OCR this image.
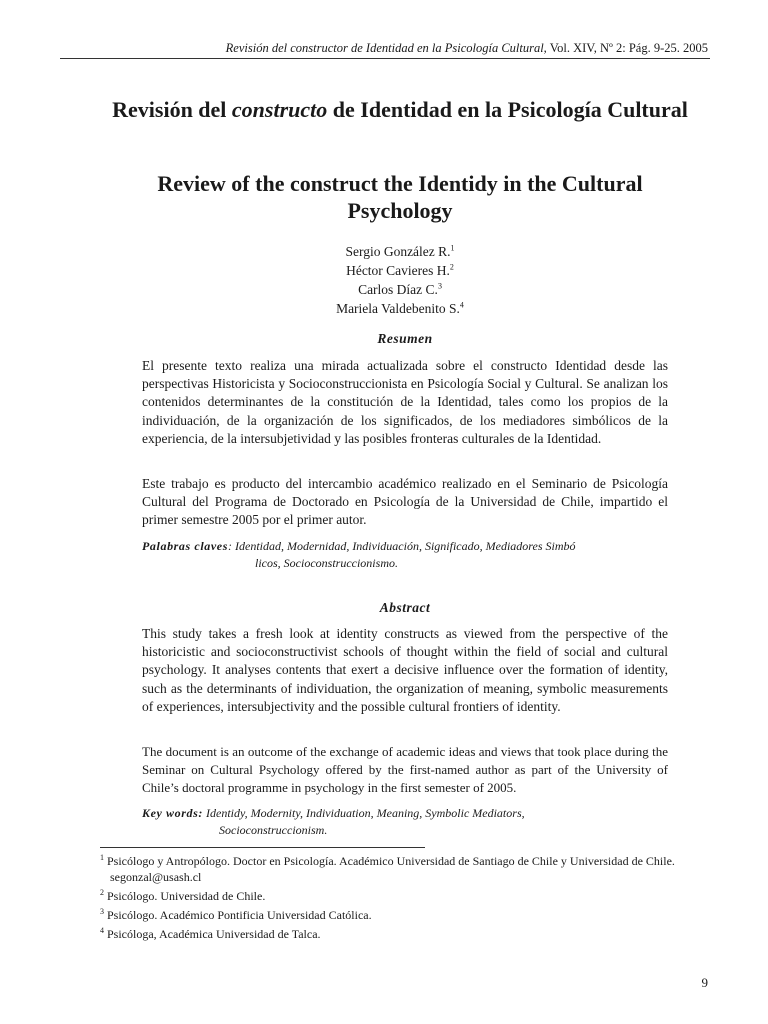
Revisión del constructor de Identidad en la Psicología Cultural, Vol. XIV, Nº 2: Pág. 9-25. 2005
Revisión del constructo de Identidad en la Psicología Cultural
Review of the construct the Identidy in the Cultural Psychology
Sergio González R.$^1$
Héctor Cavieres H.$^2$
Carlos Díaz C.$^3$
Mariela Valdebenito S.$^4$
Resumen

El presente texto realiza una mirada actualizada sobre el constructo Identidad desde las perspectivas Historicista y Socioconstruccionista en Psicología Social y Cultural. Se analizan los contenidos determinantes de la constitución de la Identidad, tales como los propios de la individuación, de la organización de los significados, de los mediadores simbólicos de la experiencia, de la intersubjetividad y las posibles fronteras culturales de la Identidad.

Este trabajo es producto del intercambio académico realizado en el Seminario de Psicología Cultural del Programa de Doctorado en Psicología de la Universidad de Chile, impartido el primer semestre 2005 por el primer autor.

Palabras claves: Identidad, Modernidad, Individuación, Significado, Mediadores Simbó
licos, Socioconstruccionismo.
Abstract

This study takes a fresh look at identity constructs as viewed from the perspective of the historicistic and socioconstructivist schools of thought within the field of social and cultural psychology. It analyses contents that exert a decisive influence over the formation of identity, such as the determinants of individuation, the organization of meaning, symbolic measurements of experiences, intersubjectivity and the possible cultural frontiers of identity.

The document is an outcome of the exchange of academic ideas and views that took place during the Seminar on Cultural Psychology offered by the first-named author as part of the University of Chile’s doctoral programme in psychology in the first semester of 2005.

Key words: Identidy, Modernity, Individuation, Meaning, Symbolic Mediators,
Socioconstruccionism.
$^1$ Psicólogo y Antropólogo. Doctor en Psicología. Académico Universidad de Santiago de Chile y Universidad de Chile. segonzal@usash.cl
$^2$ Psicólogo. Universidad de Chile.
$^3$ Psicólogo. Académico Pontificia Universidad Católica.
$^4$ Psicóloga, Académica Universidad de Talca.
9
